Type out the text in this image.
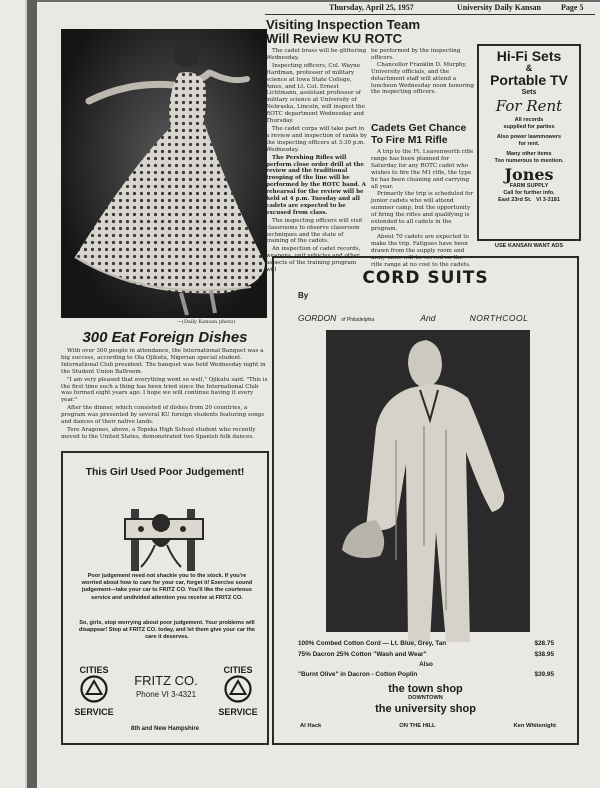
Thursday, April 25, 1957	University Daily Kansan Page 5
—(Daily Kansan photo)
300 Eat Foreign Dishes

With over 300 people in attendance, the International Banquet was a big success, according to Ola Ojikutu, Nigerian special student. International Club president. The banquet was held Wednesday night in the Student Union Ballroom.

"I am very pleased that everything went so well," Ojikutu said. "This is the first time such a thing has been tried since the International Club was formed eight years ago. I hope we will continue having it every year."

After the dinner, which consisted of dishes from 20 countries, a program was presented by several KU foreign students featuring songs and dances of their native lands.

Tere Aragones, above, a Topeka High School student who recently moved to the United States, demonstrated two Spanish folk dances.

Visiting Inspection Team
Will Review KU ROTC

The cadet brass will be glittering Wednesday.

Inspecting officers, Col. Wayne Hardman, professor of military science at Iowa State College, Ames, and Lt. Col. Ernest Lichtmann, assistant professor of military science at University of Nebraska, Lincoln, will inspect the ROTC department Wednesday and Thursday.

The cadet corps will take part in a review and inspection of ranks by the inspecting officers at 3:30 p.m. Wednesday.

The Pershing Rifles will perform close order drill at the review and the traditional trooping of the line will be performed by the ROTC band. A rehearsal for the review will be held at 4 p.m. Tuesday and all cadets are expected to be excused from class.

The inspecting officers will visit classrooms to observe classroom techniques and the state of training of the cadets.

An inspection of cadet records, weapons, unit vehicles and other aspects of the training program will

be performed by the inspecting officers.

Chancellor Franklin D. Murphy, University officials, and the detachment staff will attend a luncheon Wednesday noon honoring the inspecting officers.

Cadets Get Chance
To Fire M1 Rifle

A trip to the Ft. Leavenworth rifle range has been planned for Saturday for any ROTC cadet who wishes to fire the M1 rifle, the type he has been cleaning and carrying all year.

Primarily the trip is scheduled for junior cadets who will attend summer camp, but the opportunity of firing the rifles and qualifying is extended to all cadets in the program.

About 70 cadets are expected to make the trip. Fatigues have been drawn from the supply room and army mess will be served on the rifle range at no cost to the cadets.

Hi-Fi Sets
&
Portable TV
Sets
For Rent
All records
supplied for parties
Also power lawnmowers
for rent.
Many other items
Too numerous to mention.
Jones
FARM SUPPLY
Call for further info.
East 23rd St. VI 3-3181
USE KANSAN WANT ADS
This Girl Used Poor Judgement!
Poor judgement need not shackle you to the stock. If you're worried about how to care for your car, forget it! Exercise sound judgement—take your car to FRITZ CO. You'll like the courteous service and undivided attention you receive at FRITZ CO.
So, girls, stop worrying about poor judgement. Your problems will disappear! Stop at FRITZ CO. today, and let them give your car the care it deserves.
CITIES
SERVICE
CITIES
SERVICE
FRITZ CO.
Phone VI 3-4321
8th and New Hampshire
CORD SUITS
By
GORDON of Philadelphia	And	NORTHCOOL
100% Combed Cotton Cord — Lt. Blue, Grey, Tan	$28.75
75% Dacron 25% Cotton "Wash and Wear"	$38.95
Also
"Burnt Olive" in Dacron - Cotton Poplin	$39.95
the town shop
DOWNTOWN
the university shop
Al Hack	ON THE HILL	Ken Whitenight
